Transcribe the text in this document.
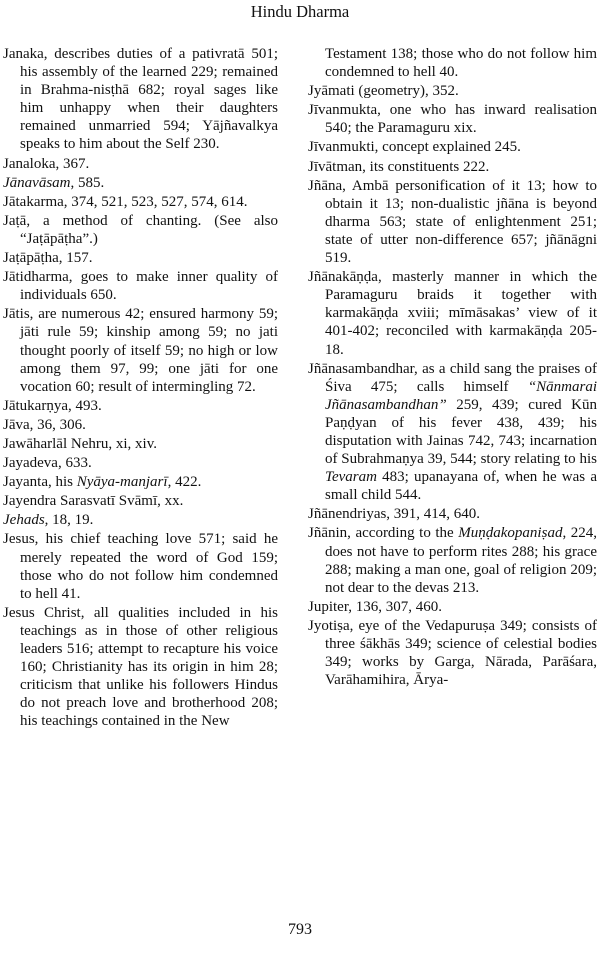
Hindu Dharma
Janaka, describes duties of a pativratā 501; his assembly of the learned 229; remained in Brahma-nisṭhā 682; royal sages like him unhappy when their daughters remained unmarried 594; Yājñavalkya speaks to him about the Self 230.
Janaloka, 367.
Jānavāsam, 585.
Jātakarma, 374, 521, 523, 527, 574, 614.
Jaṭā, a method of chanting. (See also “Jaṭāpāṭha”.)
Jaṭāpāṭha, 157.
Jātidharma, goes to make inner quality of individuals 650.
Jātis, are numerous 42; ensured harmony 59; jāti rule 59; kinship among 59; no jati thought poorly of itself 59; no high or low among them 97, 99; one jāti for one vocation 60; result of intermingling 72.
Jātukarṇya, 493.
Jāva, 36, 306.
Jawāharlāl Nehru, xi, xiv.
Jayadeva, 633.
Jayanta, his Nyāya-manjarī, 422.
Jayendra Sarasvatī Svāmī, xx.
Jehads, 18, 19.
Jesus, his chief teaching love 571; said he merely repeated the word of God 159; those who do not follow him condemned to hell 41.
Jesus Christ, all qualities included in his teachings as in those of other religious leaders 516; attempt to recapture his voice 160; Christianity has its origin in him 28; criticism that unlike his followers Hindus do not preach love and brotherhood 208; his teachings contained in the New
Testament 138; those who do not follow him condemned to hell 40.
Jyāmati (geometry), 352.
Jīvanmukta, one who has inward realisation 540; the Paramaguru xix.
Jīvanmukti, concept explained 245.
Jīvātman, its constituents 222.
Jñāna, Ambā personification of it 13; how to obtain it 13; non-dualistic jñāna is beyond dharma 563; state of enlightenment 251; state of utter non-difference 657; jñānāgni 519.
Jñānakāṇḍa, masterly manner in which the Paramaguru braids it together with karmakāṇḍa xviii; mīmāsakas’ view of it 401-402; reconciled with karmakāṇḍa 205-18.
Jñānasambandhar, as a child sang the praises of Śiva 475; calls himself “Nānmarai Jñānasambandhan” 259, 439; cured Kūn Paṇḍyan of his fever 438, 439; his disputation with Jainas 742, 743; incarnation of Subrahmaṇya 39, 544; story relating to his Tevaram 483; upanayana of, when he was a small child 544.
Jñānendriyas, 391, 414, 640.
Jñānin, according to the Muṇḍakopaniṣad, 224, does not have to perform rites 288; his grace 288; making a man one, goal of religion 209; not dear to the devas 213.
Jupiter, 136, 307, 460.
Jyotiṣa, eye of the Vedapuruṣa 349; consists of three śākhās 349; science of celestial bodies 349; works by Garga, Nārada, Parāśara, Varāhamihira, Ārya-
793
